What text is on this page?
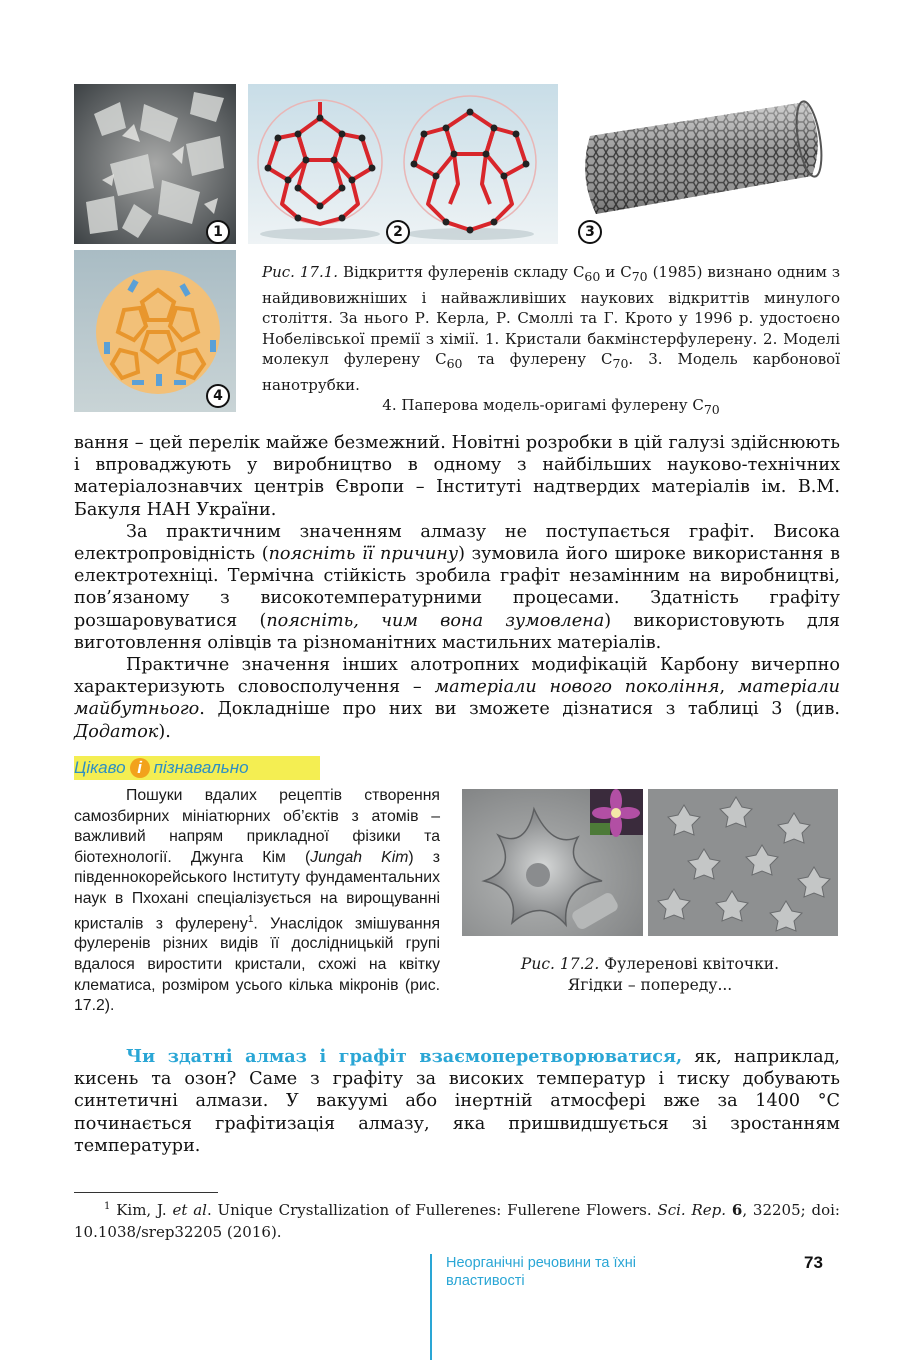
1	2	3
4
Рис. 17.1. Відкриття фулеренів складу $С_{60}$ и $С_{70}$ (1985) визнано одним з найдивовижніших і найважливіших наукових відкриттів минулого століття. За нього Р. Керла, Р. Смоллі та Г. Крото у 1996 р. удостоєно Нобелівської премії з хімії. 1. Кристали бакмінстерфулерену. 2. Моделі молекул фулерену $С_{60}$ та фулерену $С_{70}$. 3. Модель карбонової нанотрубки.
4. Паперова модель-оригамі фулерену $С_{70}$

вання – цей перелік майже безмежний. Новітні розробки в цій галузі здійснюють і впроваджують у виробництво в одному з найбільших науково-технічних матеріалознавчих центрів Європи – Інституті надтвердих матеріалів ім. В.М. Бакуля НАН України.

За практичним значенням алмазу не поступається графіт. Висока електропровідність (поясніть її причину) зумовила його широке використання в електротехніці. Термічна стійкість зробила графіт незамінним на виробництві, пов’язаному з високотемпературними процесами. Здатність графіту розшаровуватися (поясніть, чим вона зумовлена) використовують для виготовлення олівців та різноманітних мастильних матеріалів.

Практичне значення інших алотропних модифікацій Карбону вичерпно характеризують словосполучення – матеріали нового покоління, матеріали майбутнього. Докладніше про них ви зможете дізнатися з таблиці 3 (див. Додаток).

Цікаво і пізнавально

Пошуки вдалих рецептів створення самозбирних мініатюрних об’єктів з атомів – важливий напрям прикладної фізики та біотехнології. Джунга Кім (Jungah Kim) з південнокорейського Інституту фундаментальних наук в Пхохані спеціалізується на вирощуванні кристалів з фулерену$^1$. Унаслідок змішування фулеренів різних видів її дослідницькій групі вдалося виростити кристали, схожі на квітку клематиса, розміром усього кілька мікронів (рис. 17.2).

Рис. 17.2. Фулеренові квіточки.
Ягідки – попереду...

Чи здатні алмаз і графіт взаємоперетворюватися, як, наприклад, кисень та озон? Саме з графіту за високих температур і тиску добувають синтетичні алмази. У вакуумі або інертній атмосфері вже за 1400 °С починається графітизація алмазу, яка пришвидшується зі зростанням температури.

$^1$ Kim, J. et al. Unique Crystallization of Fullerenes: Fullerene Flowers. Sci. Rep. 6, 32205; doi: 10.1038/srep32205 (2016).

Неорганічні речовини та їхні властивості
73
